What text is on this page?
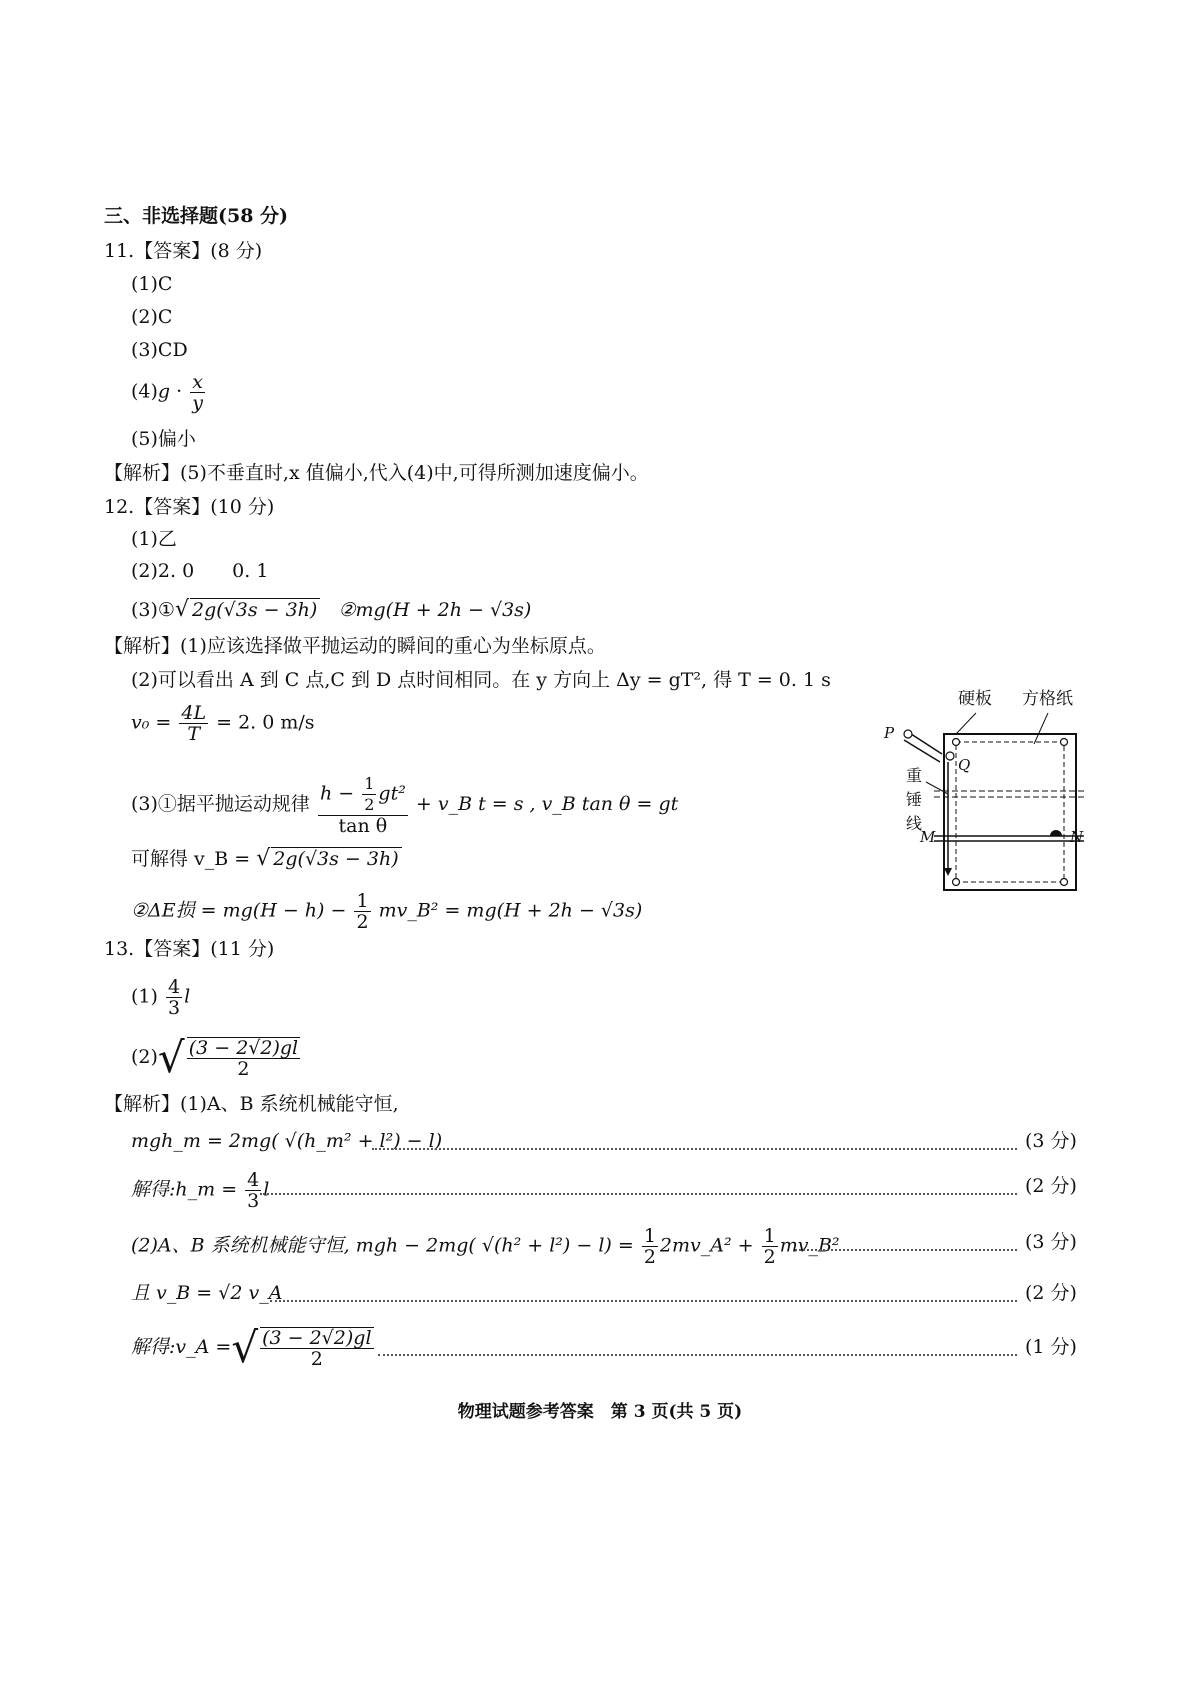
三、非选择题(58 分)
11.【答案】(8 分)
(1)C
(2)C
(3)CD
$(4)g \cdot \frac{x}{y}$
(5)偏小
【解析】(5)不垂直时,x 值偏小,代入(4)中,可得所测加速度偏小。
12.【答案】(10 分)
(1)乙
(2)2. 0　　0. 1
(3)①√ 2g(√3s − 3h) ②mg(H + 2h − √3s)
【解析】(1)应该选择做平抛运动的瞬间的重心为坐标原点。
(2)可以看出 A 到 C 点,C 到 D 点时间相同。在 y 方向上 Δy = gT², 得 T = 0. 1 s
$v_0 = \frac{4L}{T} = 2$. 0 m/s
(3)①据平抛运动规律 $\frac{h - \frac{1}{2} gt^2}{\text{tan θ}}$ + v_B t = s , v_B tan θ = gt
可解得 v_B = √ 2g(√3s − 3h)
②ΔE损 = $mg(H - h) - \frac{1}{2}$ mv_B² = mg(H + 2h − √3s)
硬板 方格纸
重锤线
P
Q
M	N
13.【答案】(11 分)
$(1) \frac{4}{3}$ l
$(2)√ \frac{(3 - 2√2)gl}{2}$
【解析】(1)A、B 系统机械能守恒,
mgh_m = 2mg( √(h_m² + l²) − l)	(3 分)
解得:h_m = $\frac{4}{3}$ l	(2 分)
(2)A、B 系统机械能守恒, mgh − 2mg( $√(h^2 + l^2) - l) = \frac{1}{2}$ 2mv_A² + $\frac{1}{2}$ mv_B²	(3 分)
且 v_B = √2 v_A	(2 分)
解得:v_A =√ $\frac{(3 - 2√2)gl}{2}$	(1 分)
物理试题参考答案　第 3 页(共 5 页)
